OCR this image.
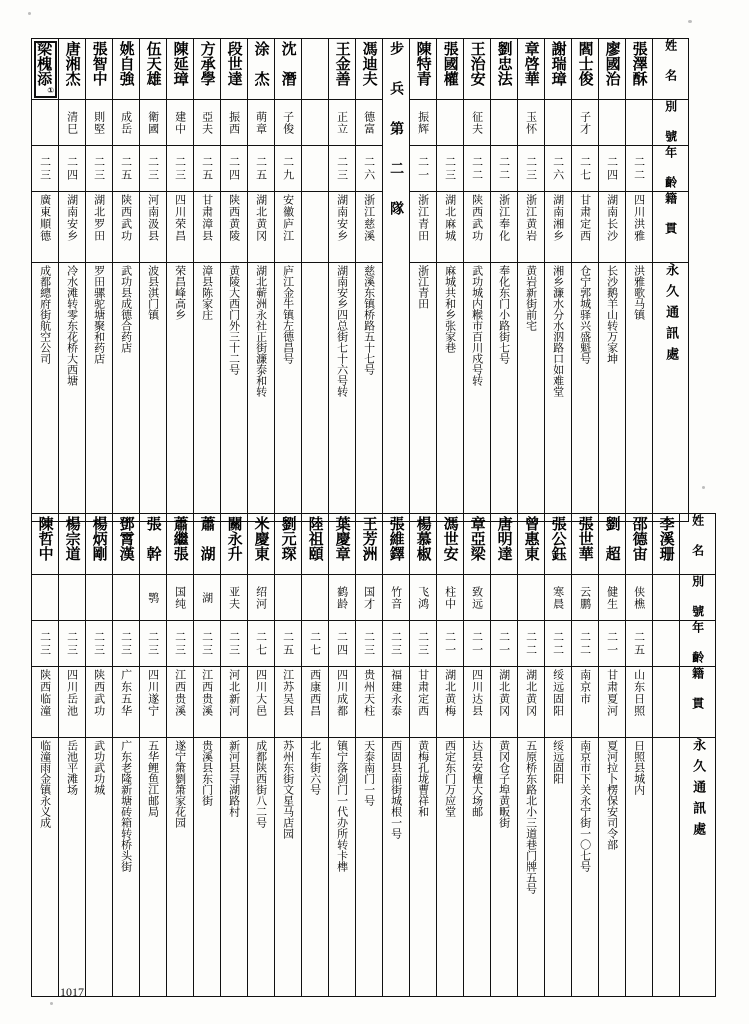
梁槐添①	唐湘杰	張智中	姚自強	伍天雄	陳延璋	方承學	段世達	涂　杰	沈　潛		王金善	馮迪夫	步　兵　第　二　隊	陳特青	張國權	王治安	劉忠法	章啓華	謝瑞璋	閻士俊	廖國治	張澤酥	姓　名

	清巳	則堅	成岳	衛國	建中	亞夫	振西	萌章	子俊		正立	德富		振辉		征夫		玉怀		子才			別　號

二三	二四	二三	二五	二三	二三	二五	二四	二五	二九		二三	二六		二一	二三	二二	二二	二三	二六	二七	二四	二二	年　齡

廣東順德	湖南安乡	湖北罗田	陕西武功	河南汲县	四川荣昌	甘肃漳县	陕西黄陵	湖北黄冈	安徽庐江		湖南安乡	浙江慈溪		浙江青田	湖北麻城	陕西武功	浙江奉化	浙江黄岩	湖南湘乡	甘肃定西	湖南长沙	四川洪雅	籍　貫

成都總府街航空公司	冷水滩转零东花桥大西塘	罗田骡驼塘聚和药店	武功县成德合药店	波县淇门镇	荣昌峰高乡	漳县陈家庄	黄陵大西门外三十二号	湖北蕲洲永社正街濂泰和转	庐江金牛镇左德昌号		湖南安乡四总街七十六号转	慈溪东镇桥路五十七号		浙江青田	麻城共和乡张家巷	武功城内糇市百川戍号转	奉化东门小路街七号	黄岩新街前宅	湘乡濂水分水泅路口如难堂	仓宁郭城驿兴盛魁号	长沙鹅羊山转万家坤	洪雅歌马镇	永久通訊處
陳哲中	楊宗道	楊炳剛	鄧霄漢	張　幹	蕭繼張	蕭　湖	關永升	米慶東	劉元琛	陸祖頤	葉慶章	王芳洲	張維鐸	楊慕椒	馮世安	章亞梁	唐明達	曾惠東	張公鈺	張世華	劉　超	邵德宙	李溪珊	姓　名

				鹗	国纯	湖	亚夫	绍河			鹤龄	国才	竹音	飞鸿	柱中	致远			寒晨	云鹏	健生	侠樵		別　號

二三	二三	二三	二三	二三	二三	二三	二三	二七	二五	二七	二四	二三	二三	二三	二一	二一	二一	二二	二二	二二	二一	二五		年　齡

陕西临潼	四川岳池	陕西武功	广东五华	四川遂宁	江西贵溪	江西贵溪	河北新河	四川大邑	江苏吴县	西康西昌	四川成都	贵州天柱	福建永泰	甘肃定西	湖北黄梅	四川达县	湖北黄冈	湖北黄冈	绥远固阳	南京市	甘肃夏河	山东日照		籍　貫

临潼雨金镇永义成	岳池平滩场	武功武功城	广东老隆新塘砖箱转桥头街	五华鲤鱼江邮局	遂宁箫劉箫家花园	贵溪县东门街	新河县寻湖路村	成都陕西街八二号	苏州东街文星马店园	北车街六号	镇宁落剑门一代办所转卡榫	天泰南门一号	西固县南街城根一号	黄梅孔垅曹祥和	西定东门万应堂	达县安檀大场邮	黄冈仓子埠黄畈街	五原桥东路北小三道巷门牌五号	绥远固阳	南京市下关永宁街一〇七号	夏河拉卜楞保安司令部	日照县城内		永久通訊處
1017
